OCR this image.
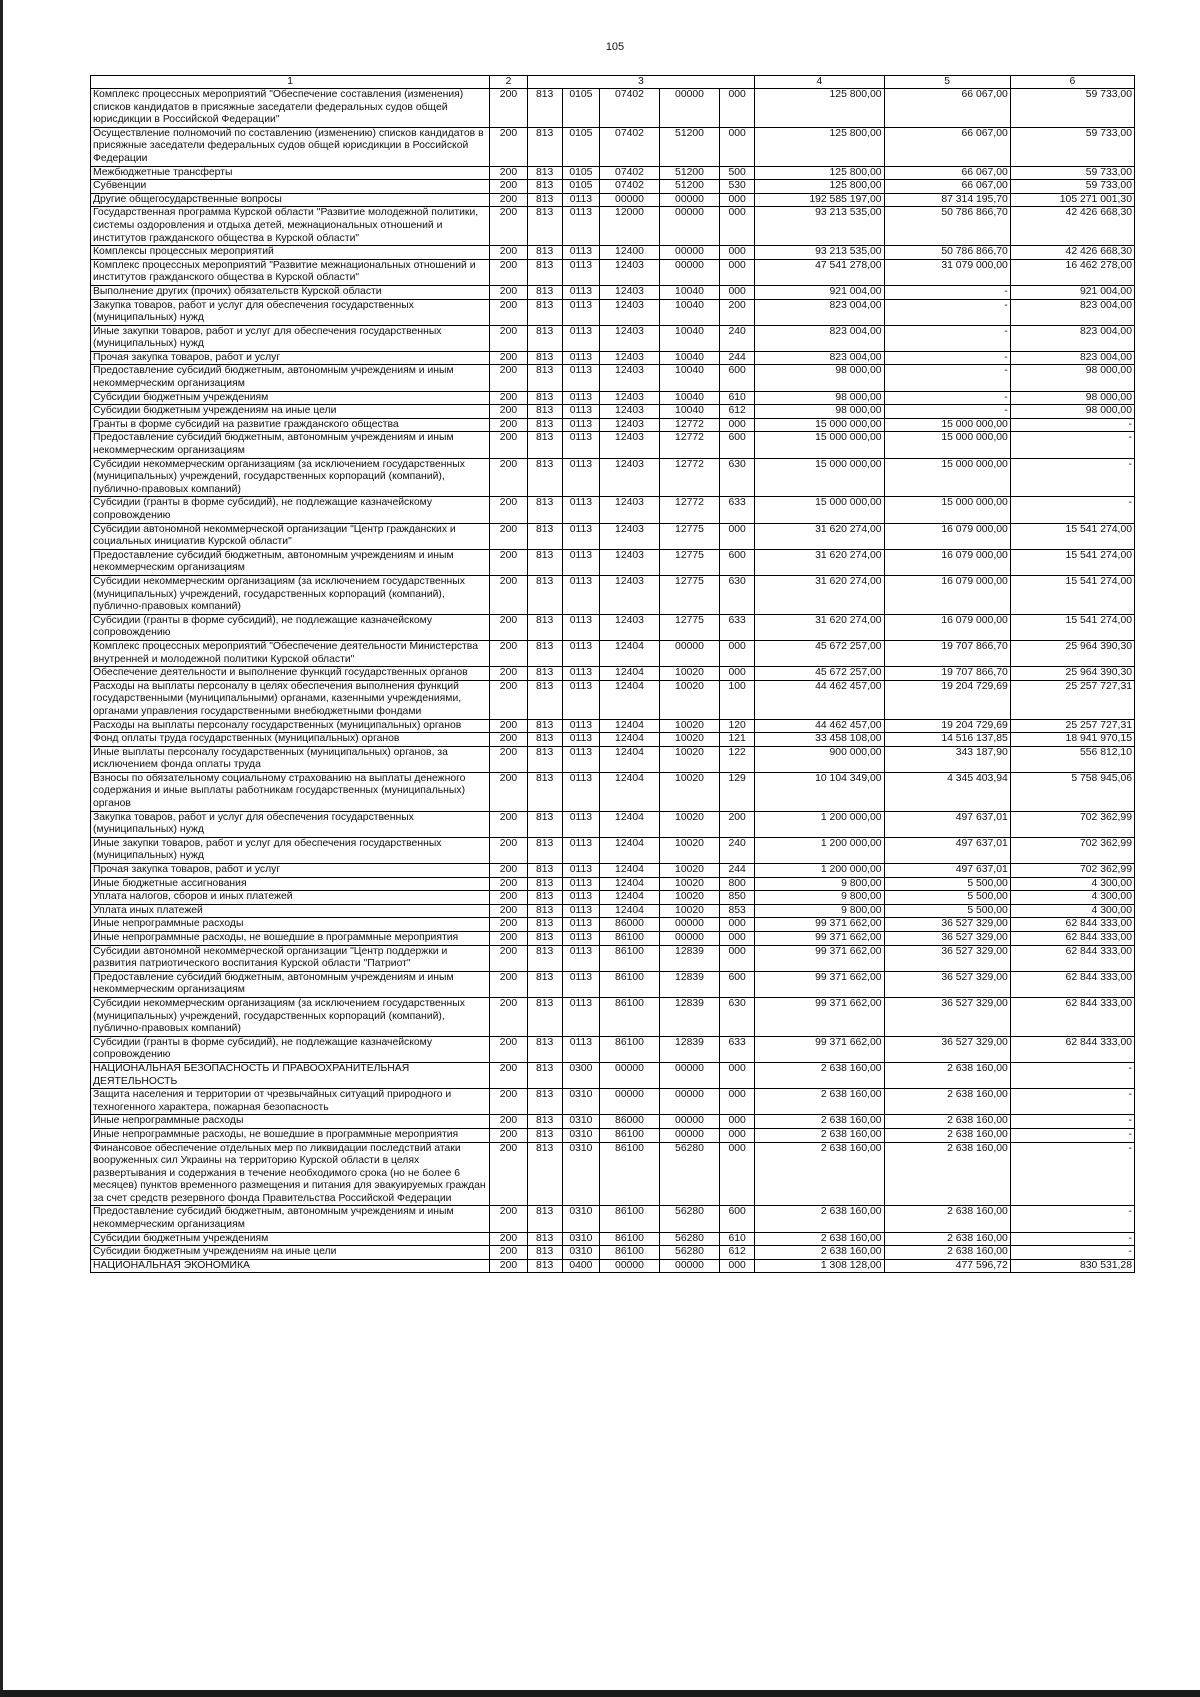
105
1	2	3					4	5	6
Комплекс процессных мероприятий "Обеспечение составления (изменения) списков кандидатов в присяжные заседатели федеральных судов общей юрисдикции в Российской Федерации"	200	813	0105	07402	00000	000	125 800,00	66 067,00	59 733,00
Осуществление полномочий по составлению (изменению) списков кандидатов в присяжные заседатели федеральных судов общей юрисдикции в Российской Федерации	200	813	0105	07402	51200	000	125 800,00	66 067,00	59 733,00
Межбюджетные трансферты	200	813	0105	07402	51200	500	125 800,00	66 067,00	59 733,00
Субвенции	200	813	0105	07402	51200	530	125 800,00	66 067,00	59 733,00
Другие общегосударственные вопросы	200	813	0113	00000	00000	000	192 585 197,00	87 314 195,70	105 271 001,30
Государственная программа Курской области "Развитие молодежной политики, системы оздоровления и отдыха детей, межнациональных отношений и институтов гражданского общества в Курской области"	200	813	0113	12000	00000	000	93 213 535,00	50 786 866,70	42 426 668,30
Комплексы процессных мероприятий	200	813	0113	12400	00000	000	93 213 535,00	50 786 866,70	42 426 668,30
Комплекс процессных мероприятий "Развитие межнациональных отношений и институтов гражданского общества в Курской области"	200	813	0113	12403	00000	000	47 541 278,00	31 079 000,00	16 462 278,00
Выполнение других (прочих) обязательств Курской области	200	813	0113	12403	10040	000	921 004,00	-	921 004,00
Закупка товаров, работ и услуг для обеспечения государственных (муниципальных) нужд	200	813	0113	12403	10040	200	823 004,00	-	823 004,00
Иные закупки товаров, работ и услуг для обеспечения государственных (муниципальных) нужд	200	813	0113	12403	10040	240	823 004,00	-	823 004,00
Прочая закупка товаров, работ и услуг	200	813	0113	12403	10040	244	823 004,00	-	823 004,00
Предоставление субсидий бюджетным, автономным учреждениям и иным некоммерческим организациям	200	813	0113	12403	10040	600	98 000,00	-	98 000,00
Субсидии бюджетным учреждениям	200	813	0113	12403	10040	610	98 000,00	-	98 000,00
Субсидии бюджетным учреждениям на иные цели	200	813	0113	12403	10040	612	98 000,00	-	98 000,00
Гранты в форме субсидий на развитие гражданского общества	200	813	0113	12403	12772	000	15 000 000,00	15 000 000,00	-
Предоставление субсидий бюджетным, автономным учреждениям и иным некоммерческим организациям	200	813	0113	12403	12772	600	15 000 000,00	15 000 000,00	-
Субсидии некоммерческим организациям (за исключением государственных (муниципальных) учреждений, государственных корпораций (компаний), публично-правовых компаний)	200	813	0113	12403	12772	630	15 000 000,00	15 000 000,00	-
Субсидии (гранты в форме субсидий), не подлежащие казначейскому сопровождению	200	813	0113	12403	12772	633	15 000 000,00	15 000 000,00	-
Субсидии автономной некоммерческой организации "Центр гражданских и социальных инициатив Курской области"	200	813	0113	12403	12775	000	31 620 274,00	16 079 000,00	15 541 274,00
Предоставление субсидий бюджетным, автономным учреждениям и иным некоммерческим организациям	200	813	0113	12403	12775	600	31 620 274,00	16 079 000,00	15 541 274,00
Субсидии некоммерческим организациям (за исключением государственных (муниципальных) учреждений, государственных корпораций (компаний), публично-правовых компаний)	200	813	0113	12403	12775	630	31 620 274,00	16 079 000,00	15 541 274,00
Субсидии (гранты в форме субсидий), не подлежащие казначейскому сопровождению	200	813	0113	12403	12775	633	31 620 274,00	16 079 000,00	15 541 274,00
Комплекс процессных мероприятий "Обеспечение деятельности Министерства внутренней и молодежной политики Курской области"	200	813	0113	12404	00000	000	45 672 257,00	19 707 866,70	25 964 390,30
Обеспечение деятельности и выполнение функций государственных органов	200	813	0113	12404	10020	000	45 672 257,00	19 707 866,70	25 964 390,30
Расходы на выплаты персоналу в целях обеспечения выполнения функций государственными (муниципальными) органами, казенными учреждениями, органами управления государственными внебюджетными фондами	200	813	0113	12404	10020	100	44 462 457,00	19 204 729,69	25 257 727,31
Расходы на выплаты персоналу государственных (муниципальных) органов	200	813	0113	12404	10020	120	44 462 457,00	19 204 729,69	25 257 727,31
Фонд оплаты труда государственных (муниципальных) органов	200	813	0113	12404	10020	121	33 458 108,00	14 516 137,85	18 941 970,15
Иные выплаты персоналу государственных (муниципальных) органов, за исключением фонда оплаты труда	200	813	0113	12404	10020	122	900 000,00	343 187,90	556 812,10
Взносы по обязательному социальному страхованию на выплаты денежного содержания и иные выплаты работникам государственных (муниципальных) органов	200	813	0113	12404	10020	129	10 104 349,00	4 345 403,94	5 758 945,06
Закупка товаров, работ и услуг для обеспечения государственных (муниципальных) нужд	200	813	0113	12404	10020	200	1 200 000,00	497 637,01	702 362,99
Иные закупки товаров, работ и услуг для обеспечения государственных (муниципальных) нужд	200	813	0113	12404	10020	240	1 200 000,00	497 637,01	702 362,99
Прочая закупка товаров, работ и услуг	200	813	0113	12404	10020	244	1 200 000,00	497 637,01	702 362,99
Иные бюджетные ассигнования	200	813	0113	12404	10020	800	9 800,00	5 500,00	4 300,00
Уплата налогов, сборов и иных платежей	200	813	0113	12404	10020	850	9 800,00	5 500,00	4 300,00
Уплата иных платежей	200	813	0113	12404	10020	853	9 800,00	5 500,00	4 300,00
Иные непрограммные расходы	200	813	0113	86000	00000	000	99 371 662,00	36 527 329,00	62 844 333,00
Иные непрограммные расходы, не вошедшие в программные мероприятия	200	813	0113	86100	00000	000	99 371 662,00	36 527 329,00	62 844 333,00
Субсидии автономной некоммерческой организации "Центр поддержки и развития патриотического воспитания Курской области "Патриот"	200	813	0113	86100	12839	000	99 371 662,00	36 527 329,00	62 844 333,00
Предоставление субсидий бюджетным, автономным учреждениям и иным некоммерческим организациям	200	813	0113	86100	12839	600	99 371 662,00	36 527 329,00	62 844 333,00
Субсидии некоммерческим организациям (за исключением государственных (муниципальных) учреждений, государственных корпораций (компаний), публично-правовых компаний)	200	813	0113	86100	12839	630	99 371 662,00	36 527 329,00	62 844 333,00
Субсидии (гранты в форме субсидий), не подлежащие казначейскому сопровождению	200	813	0113	86100	12839	633	99 371 662,00	36 527 329,00	62 844 333,00
НАЦИОНАЛЬНАЯ БЕЗОПАСНОСТЬ И ПРАВООХРАНИТЕЛЬНАЯ ДЕЯТЕЛЬНОСТЬ	200	813	0300	00000	00000	000	2 638 160,00	2 638 160,00	-
Защита населения и территории от чрезвычайных ситуаций природного и техногенного характера, пожарная безопасность	200	813	0310	00000	00000	000	2 638 160,00	2 638 160,00	-
Иные непрограммные расходы	200	813	0310	86000	00000	000	2 638 160,00	2 638 160,00	-
Иные непрограммные расходы, не вошедшие в программные мероприятия	200	813	0310	86100	00000	000	2 638 160,00	2 638 160,00	-
Финансовое обеспечение отдельных мер по ликвидации последствий атаки вооруженных сил Украины на территорию Курской области в целях развертывания и содержания в течение необходимого срока (но не более 6 месяцев) пунктов временного размещения и питания для эвакуируемых граждан за счет средств резервного фонда Правительства Российской Федерации	200	813	0310	86100	56280	000	2 638 160,00	2 638 160,00	-
Предоставление субсидий бюджетным, автономным учреждениям и иным некоммерческим организациям	200	813	0310	86100	56280	600	2 638 160,00	2 638 160,00	-
Субсидии бюджетным учреждениям	200	813	0310	86100	56280	610	2 638 160,00	2 638 160,00	-
Субсидии бюджетным учреждениям на иные цели	200	813	0310	86100	56280	612	2 638 160,00	2 638 160,00	-
НАЦИОНАЛЬНАЯ ЭКОНОМИКА	200	813	0400	00000	00000	000	1 308 128,00	477 596,72	830 531,28
